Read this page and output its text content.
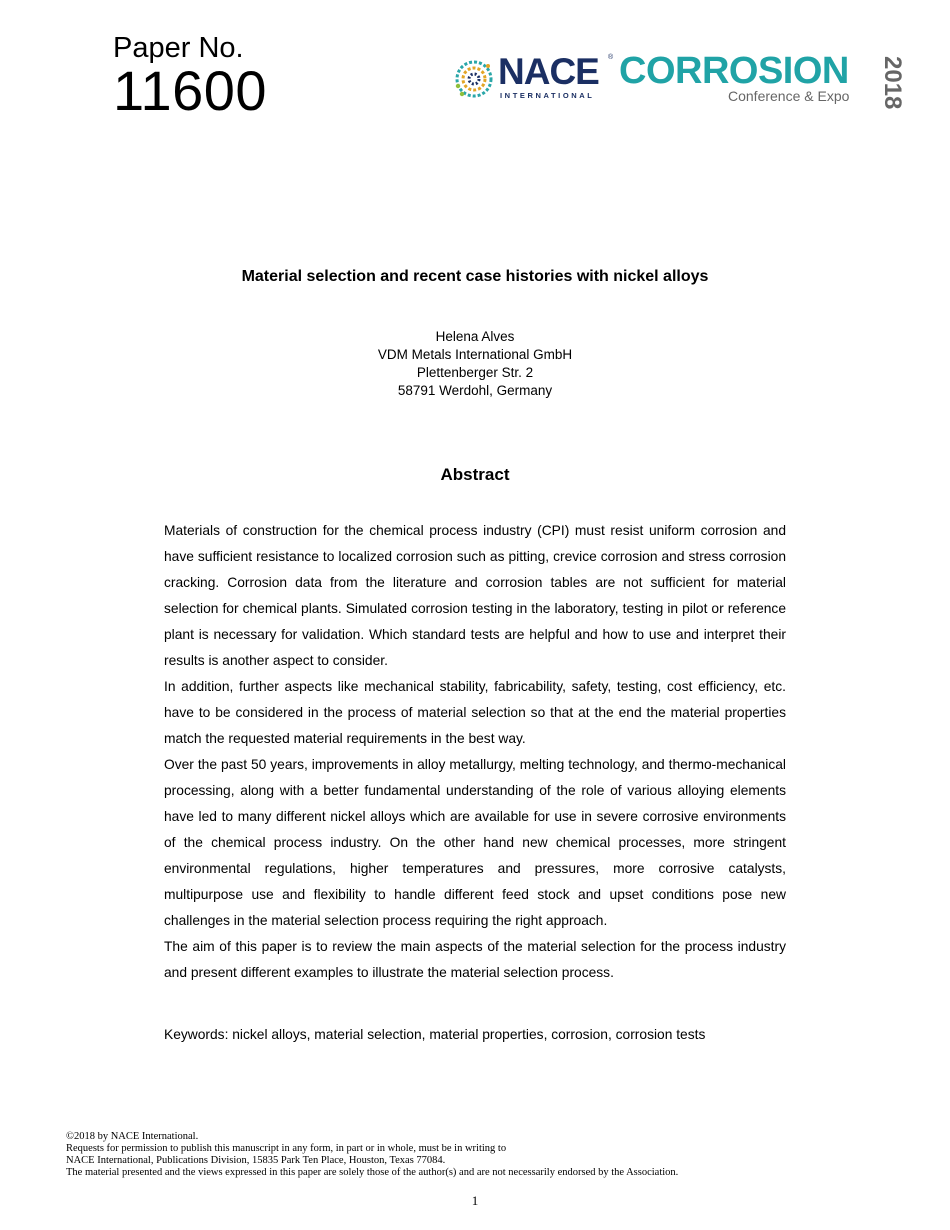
Paper No.
11600	NACE ®
INTERNATIONAL
CORROSION
Conference & Expo 2018
Material selection and recent case histories with nickel alloys
Helena Alves
VDM Metals International GmbH
Plettenberger Str. 2
58791 Werdohl, Germany
Abstract

Materials of construction for the chemical process industry (CPI) must resist uniform corrosion and have sufficient resistance to localized corrosion such as pitting, crevice corrosion and stress corrosion cracking. Corrosion data from the literature and corrosion tables are not sufficient for material selection for chemical plants. Simulated corrosion testing in the laboratory, testing in pilot or reference plant is necessary for validation. Which standard tests are helpful and how to use and interpret their results is another aspect to consider.

In addition, further aspects like mechanical stability, fabricability, safety, testing, cost efficiency, etc. have to be considered in the process of material selection so that at the end the material properties match the requested material requirements in the best way.

Over the past 50 years, improvements in alloy metallurgy, melting technology, and thermo-mechanical processing, along with a better fundamental understanding of the role of various alloying elements have led to many different nickel alloys which are available for use in severe corrosive environments of the chemical process industry. On the other hand new chemical processes, more stringent environmental regulations, higher temperatures and pressures, more corrosive catalysts, multipurpose use and flexibility to handle different feed stock and upset conditions pose new challenges in the material selection process requiring the right approach.

The aim of this paper is to review the main aspects of the material selection for the process industry and present different examples to illustrate the material selection process.

Keywords: nickel alloys, material selection, material properties, corrosion, corrosion tests
©2018 by NACE International.
Requests for permission to publish this manuscript in any form, in part or in whole, must be in writing to
NACE International, Publications Division, 15835 Park Ten Place, Houston, Texas 77084.
The material presented and the views expressed in this paper are solely those of the author(s) and are not necessarily endorsed by the Association.
1
